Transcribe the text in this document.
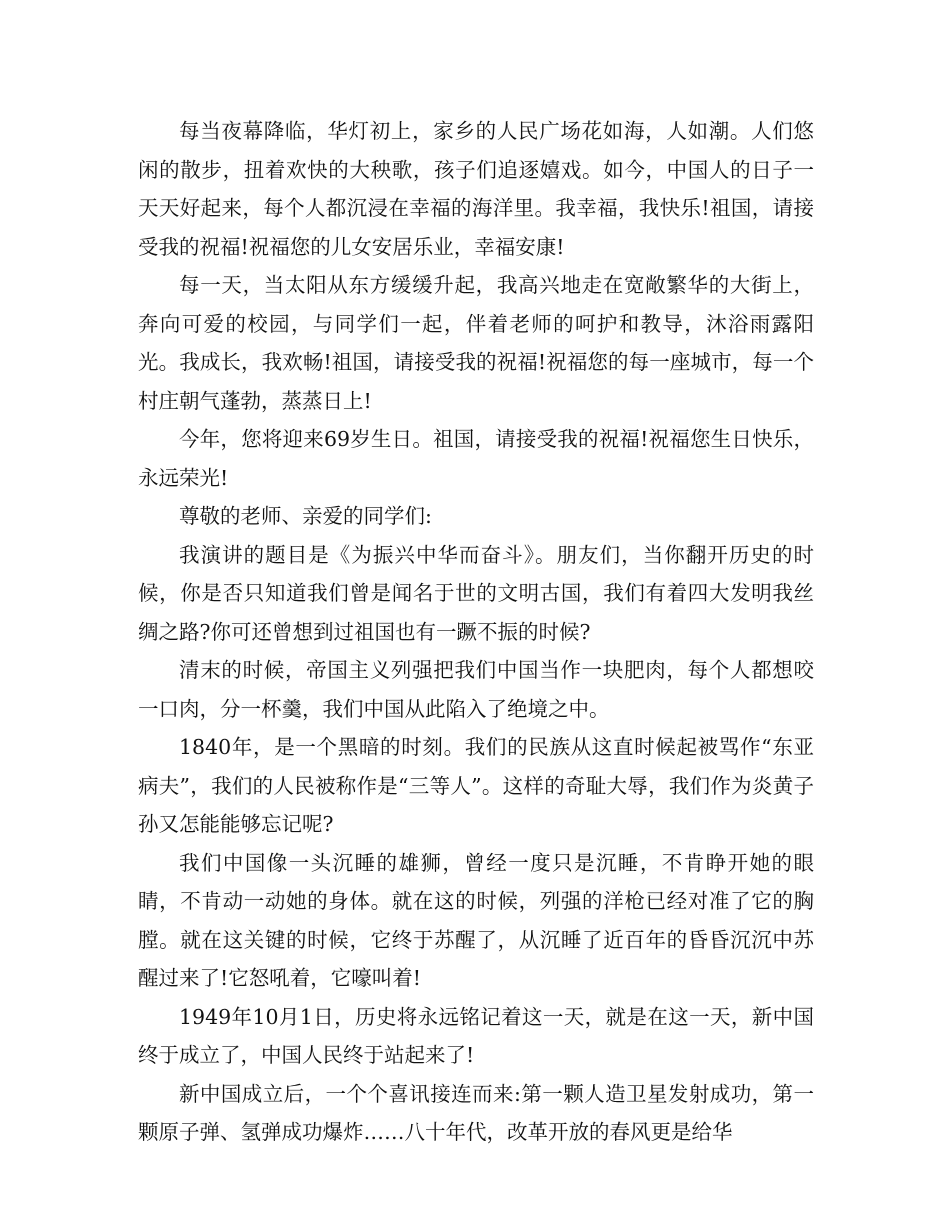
每当夜幕降临，华灯初上，家乡的人民广场花如海，人如潮。人们悠闲的散步，扭着欢快的大秧歌，孩子们追逐嬉戏。如今，中国人的日子一天天好起来，每个人都沉浸在幸福的海洋里。我幸福，我快乐!祖国，请接受我的祝福!祝福您的儿女安居乐业，幸福安康!

每一天，当太阳从东方缓缓升起，我高兴地走在宽敞繁华的大街上，奔向可爱的校园，与同学们一起，伴着老师的呵护和教导，沐浴雨露阳光。我成长，我欢畅!祖国，请接受我的祝福!祝福您的每一座城市，每一个村庄朝气蓬勃，蒸蒸日上!

今年，您将迎来69岁生日。祖国，请接受我的祝福!祝福您生日快乐，永远荣光!

尊敬的老师、亲爱的同学们:

我演讲的题目是《为振兴中华而奋斗》。朋友们，当你翻开历史的时候，你是否只知道我们曾是闻名于世的文明古国，我们有着四大发明我丝绸之路?你可还曾想到过祖国也有一蹶不振的时候?

清末的时候，帝国主义列强把我们中国当作一块肥肉，每个人都想咬一口肉，分一杯羹，我们中国从此陷入了绝境之中。

1840年，是一个黑暗的时刻。我们的民族从这直时候起被骂作“东亚病夫”，我们的人民被称作是“三等人”。这样的奇耻大辱，我们作为炎黄子孙又怎能能够忘记呢?

我们中国像一头沉睡的雄狮，曾经一度只是沉睡，不肯睁开她的眼睛，不肯动一动她的身体。就在这的时候，列强的洋枪已经对准了它的胸膛。就在这关键的时候，它终于苏醒了，从沉睡了近百年的昏昏沉沉中苏醒过来了!它怒吼着，它嚎叫着!

1949年10月1日，历史将永远铭记着这一天，就是在这一天，新中国终于成立了，中国人民终于站起来了!

新中国成立后，一个个喜讯接连而来:第一颗人造卫星发射成功，第一颗原子弹、氢弹成功爆炸……八十年代，改革开放的春风更是给华
